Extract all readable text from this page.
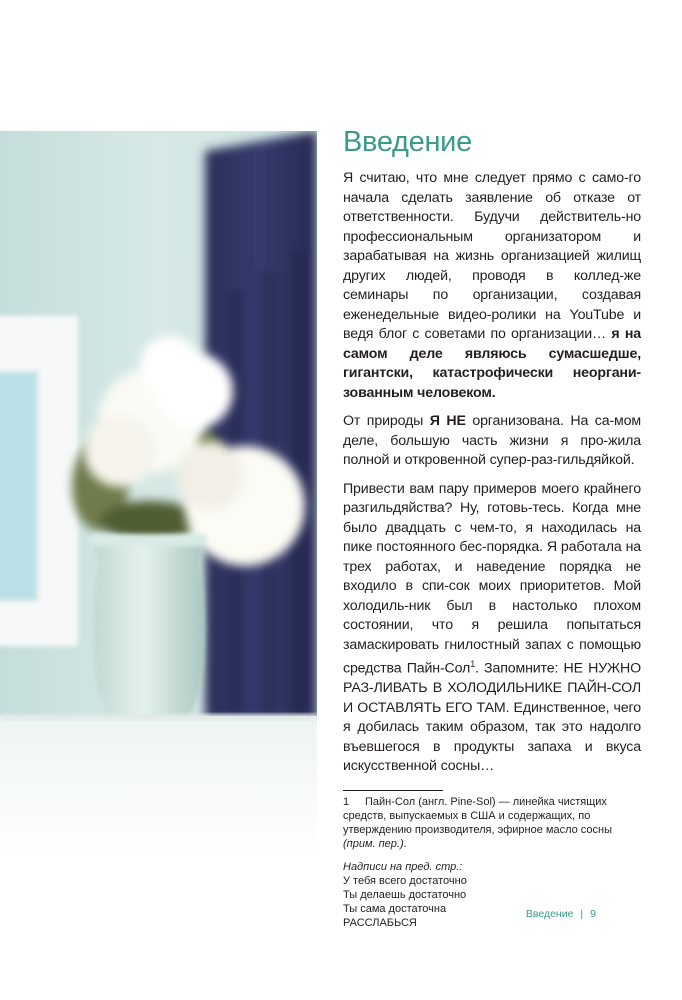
Введение

Я считаю, что мне следует прямо с само-го начала сделать заявление об отказе от ответственности. Будучи действитель-но профессиональным организатором и зарабатывая на жизнь организацией жилищ других людей, проводя в коллед-же семинары по организации, создавая еженедельные видео-ролики на YouTube и ведя блог с советами по организации… я на самом деле являюсь сумасшедше, гигантски, катастрофически неоргани-зованным человеком.

От природы Я НЕ организована. На са-мом деле, большую часть жизни я про-жила полной и откровенной супер-раз-гильдяйкой.

Привести вам пару примеров моего крайнего разгильдяйства? Ну, готовь-тесь. Когда мне было двадцать с чем-то, я находилась на пике постоянного бес-порядка. Я работала на трех работах, и наведение порядка не входило в спи-сок моих приоритетов. Мой холодиль-ник был в настолько плохом состоянии, что я решила попытаться замаскировать гнилостный запах с помощью средства Пайн-Сол$^1$. Запомните: НЕ НУЖНО РАЗ-ЛИВАТЬ В ХОЛОДИЛЬНИКЕ ПАЙН-СОЛ И ОСТАВЛЯТЬ ЕГО ТАМ. Единственное, чего я добилась таким образом, так это надолго въевшегося в продукты запаха и вкуса искусственной сосны…

1 Пайн-Сол (англ. Pine-Sol) — линейка чистящих средств, выпускаемых в США и содержащих, по утверждению производителя, эфирное масло сосны (прим. пер.).

Надписи на пред. стр.:

У тебя всего достаточно

Ты делаешь достаточно

Ты сама достаточна

РАССЛАБЬСЯ

Введение | 9
